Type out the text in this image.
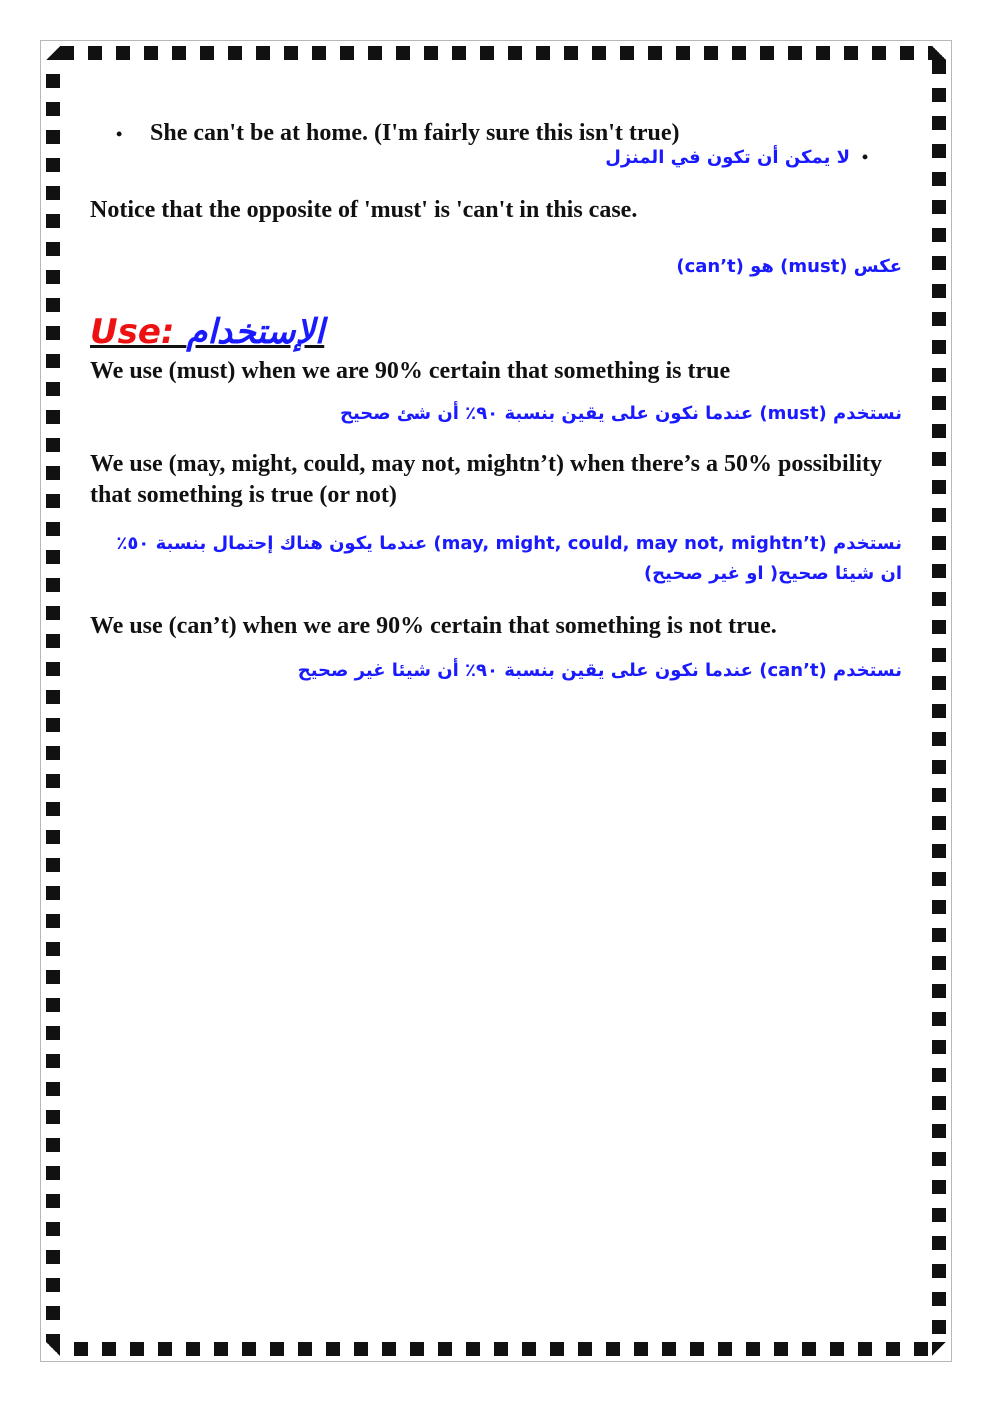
•	She can't be at home. (I'm fairly sure this isn't true)

•

لا يمكن أن تكون في المنزل

Notice that the opposite of 'must' is 'can't in this case.

عكس (must) هو (can’t)

Use: الإستخدام

We use (must) when we are 90% certain that something is true

نستخدم (must) عندما نكون على يقين بنسبة ٩٠٪ أن شئ صحيح

We use (may, might, could, may not, mightn’t) when there’s a 50% possibility that something is true (or not)

نستخدم (may, might, could, may not, mightn’t) عندما يكون هناك إحتمال بنسبة ٥٠٪ ان شيئا صحيح( او غير صحيح)

We use (can’t) when we are 90% certain that something is not true.

نستخدم (can’t) عندما نكون على يقين بنسبة ٩٠٪ أن شيئا غير صحيح
